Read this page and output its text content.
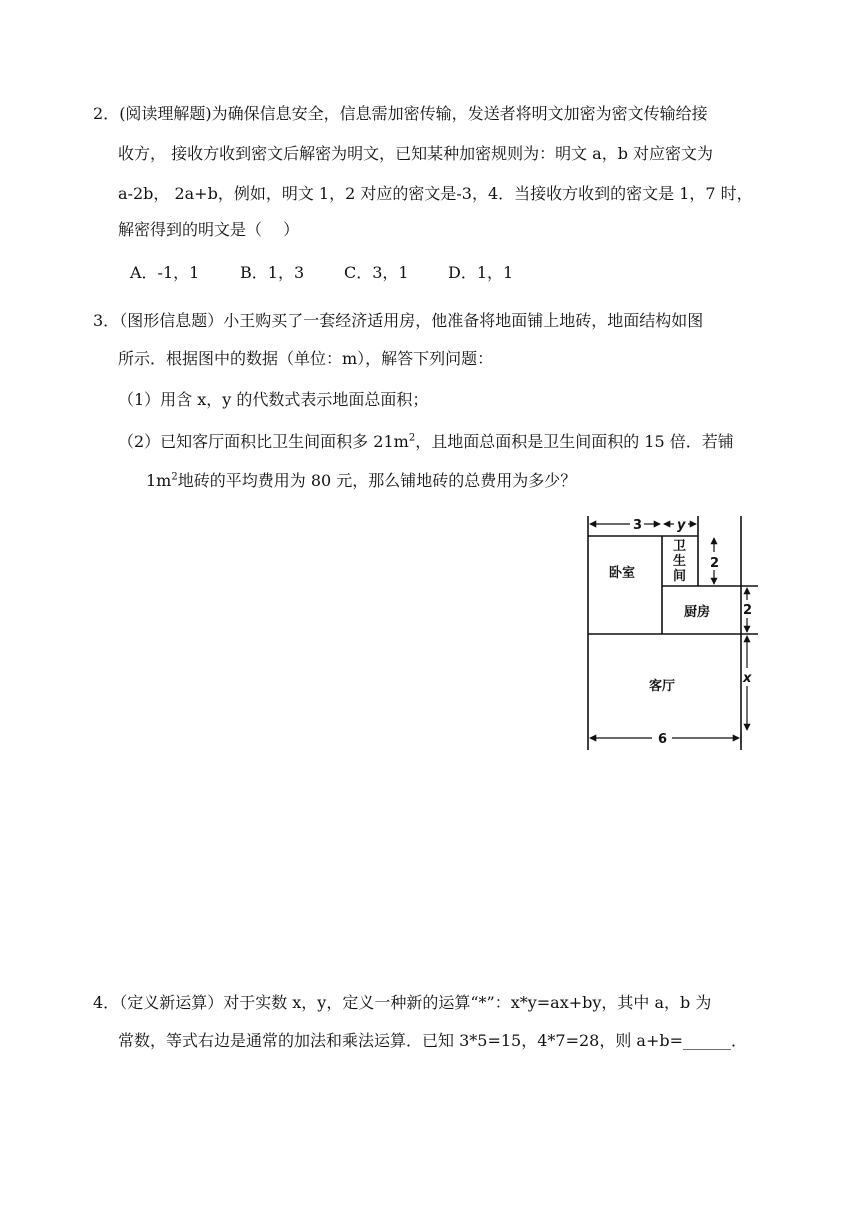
2．(阅读理解题)为确保信息安全，信息需加密传输，发送者将明文加密为密文传输给接
收方， 接收方收到密文后解密为明文，已知某种加密规则为：明文 a，b 对应密文为
a-2b， 2a+b，例如，明文 1，2 对应的密文是-3，4．当接收方收到的密文是 1，7 时，
解密得到的明文是（　 ）
A．-1，1	B．1，3 C．3，1 D．1，1
3．（图形信息题）小王购买了一套经济适用房，他准备将地面铺上地砖，地面结构如图
所示．根据图中的数据（单位：m），解答下列问题：
（1）用含 x，y 的代数式表示地面总面积；
（2）已知客厅面积比卫生间面积多 $21m^2$，且地面总面积是卫生间面积的 15 倍．若铺
$1m^2$地砖的平均费用为 80 元，那么铺地砖的总费用为多少？
卧室
卫
生
间
厨房
客厅
3	y
2
2
x
6
4．（定义新运算）对于实数 x，y，定义一种新的运算“*”：x*y=ax+by，其中 a，b 为
常数，等式右边是通常的加法和乘法运算．已知 3*5=15，4*7=28，则 a+b=______．
